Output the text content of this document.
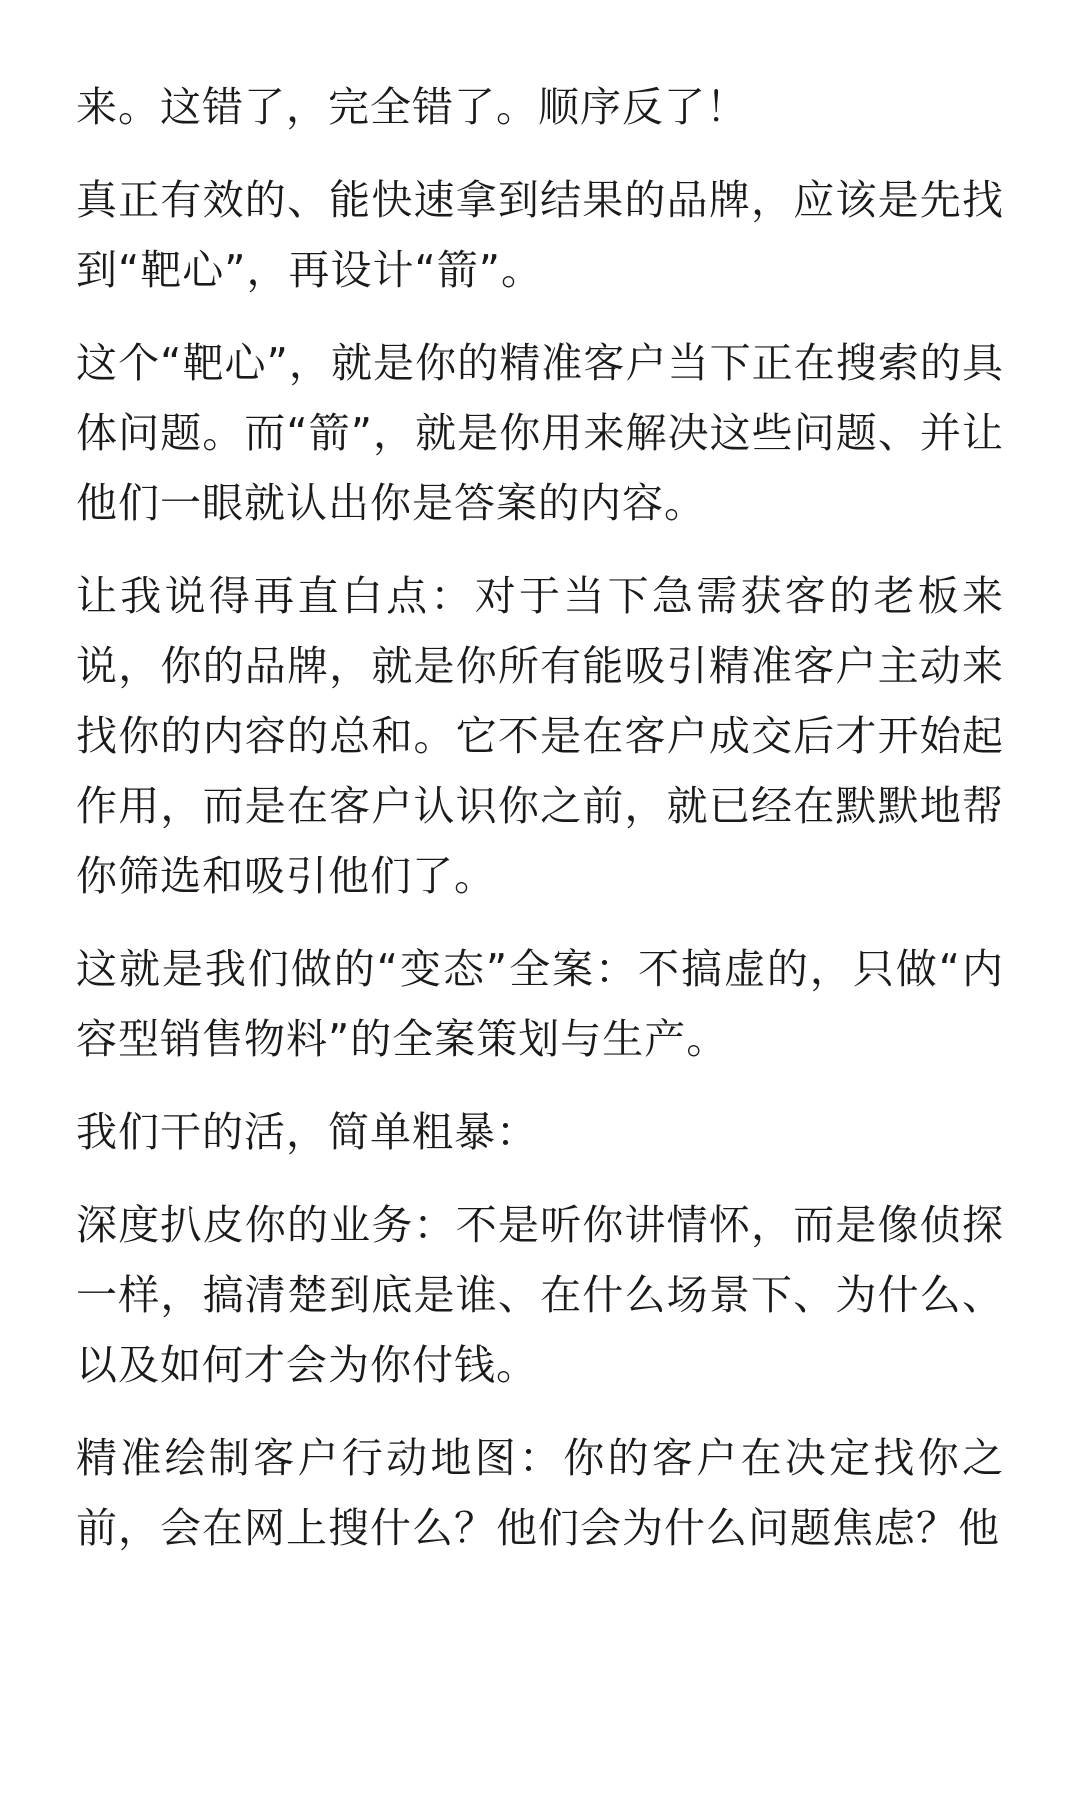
来。这错了，完全错了。顺序反了！

真正有效的、能快速拿到结果的品牌，应该是先找到“靶心”，再设计“箭”。

这个“靶心”，就是你的精准客户当下正在搜索的具体问题。而“箭”，就是你用来解决这些问题、并让他们一眼就认出你是答案的内容。

让我说得再直白点：对于当下急需获客的老板来说，你的品牌，就是你所有能吸引精准客户主动来找你的内容的总和。它不是在客户成交后才开始起作用，而是在客户认识你之前，就已经在默默地帮你筛选和吸引他们了。

这就是我们做的“变态”全案：不搞虚的，只做“内容型销售物料”的全案策划与生产。

我们干的活，简单粗暴：

深度扒皮你的业务：不是听你讲情怀，而是像侦探一样，搞清楚到底是谁、在什么场景下、为什么、以及如何才会为你付钱。

精准绘制客户行动地图：你的客户在决定找你之前，会在网上搜什么？他们会为什么问题焦虑？他
